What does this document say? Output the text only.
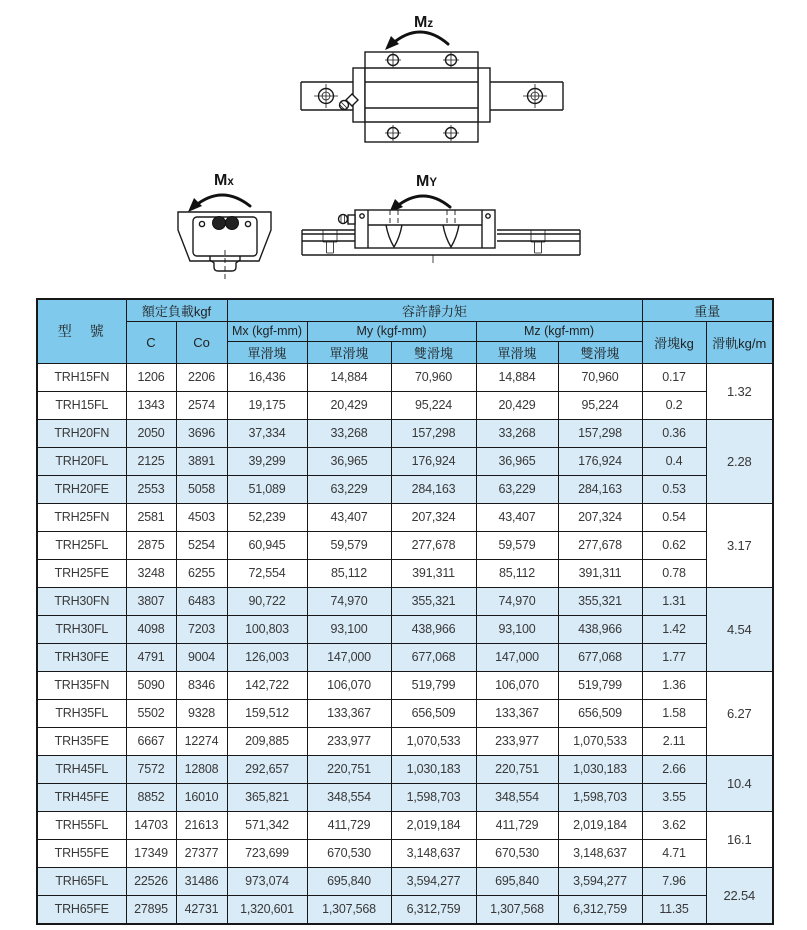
Mz
Mx	MY
型　號	額定負載kgf		容許靜力矩					重量	
	C	Co	Mx (kgf-mm)	My (kgf-mm)		Mz (kgf-mm)		滑塊kg	滑軌kg/m
			單滑塊	單滑塊	雙滑塊	單滑塊	雙滑塊		
TRH15FN	1206	2206	16,436	14,884	70,960	14,884	70,960	0.17	1.32
TRH15FL	1343	2574	19,175	20,429	95,224	20,429	95,224	0.2	
TRH20FN	2050	3696	37,334	33,268	157,298	33,268	157,298	0.36	2.28
TRH20FL	2125	3891	39,299	36,965	176,924	36,965	176,924	0.4	
TRH20FE	2553	5058	51,089	63,229	284,163	63,229	284,163	0.53	
TRH25FN	2581	4503	52,239	43,407	207,324	43,407	207,324	0.54	3.17
TRH25FL	2875	5254	60,945	59,579	277,678	59,579	277,678	0.62	
TRH25FE	3248	6255	72,554	85,112	391,311	85,112	391,311	0.78	
TRH30FN	3807	6483	90,722	74,970	355,321	74,970	355,321	1.31	4.54
TRH30FL	4098	7203	100,803	93,100	438,966	93,100	438,966	1.42	
TRH30FE	4791	9004	126,003	147,000	677,068	147,000	677,068	1.77	
TRH35FN	5090	8346	142,722	106,070	519,799	106,070	519,799	1.36	6.27
TRH35FL	5502	9328	159,512	133,367	656,509	133,367	656,509	1.58	
TRH35FE	6667	12274	209,885	233,977	1,070,533	233,977	1,070,533	2.11	
TRH45FL	7572	12808	292,657	220,751	1,030,183	220,751	1,030,183	2.66	10.4
TRH45FE	8852	16010	365,821	348,554	1,598,703	348,554	1,598,703	3.55	
TRH55FL	14703	21613	571,342	411,729	2,019,184	411,729	2,019,184	3.62	16.1
TRH55FE	17349	27377	723,699	670,530	3,148,637	670,530	3,148,637	4.71	
TRH65FL	22526	31486	973,074	695,840	3,594,277	695,840	3,594,277	7.96	22.54
TRH65FE	27895	42731	1,320,601	1,307,568	6,312,759	1,307,568	6,312,759	11.35	
